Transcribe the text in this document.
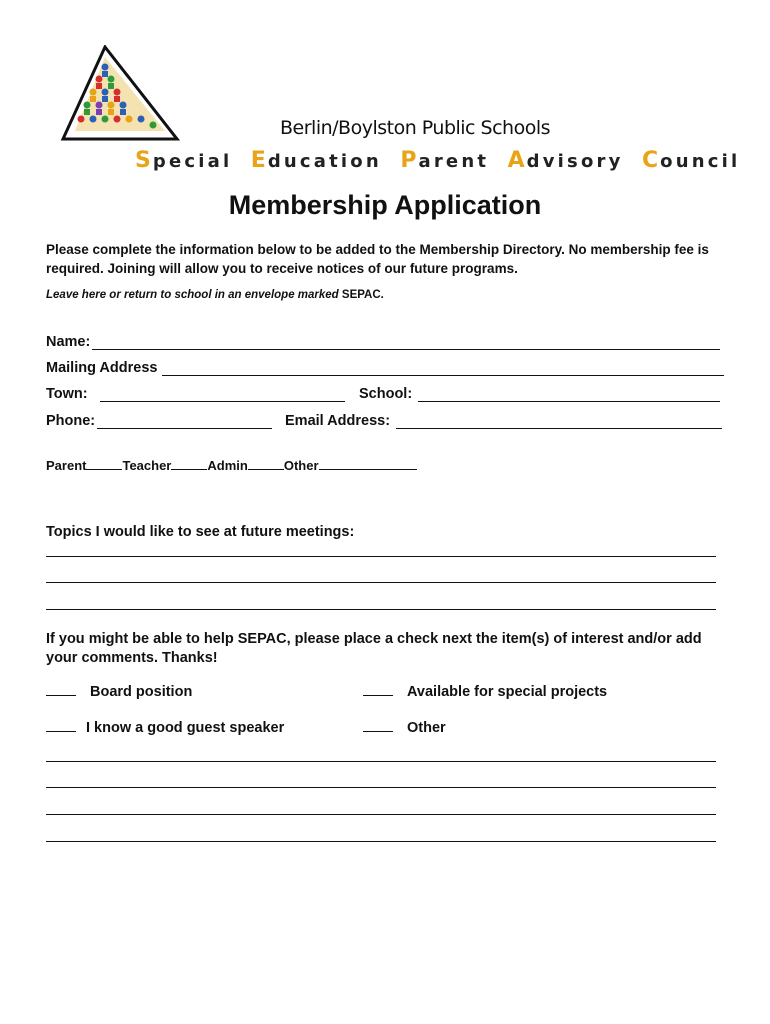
Berlin/Boylston Public Schools
Special Education Parent Advisory Council
Membership Application
Please complete the information below to be added to the Membership Directory. No membership fee is required. Joining will allow you to receive notices of our future programs.
Leave here or return to school in an envelope marked SEPAC.
Name:
Mailing Address
Town:	School:
Phone:	Email Address:
Parent	Teacher	Admin	Other
Topics I would like to see at future meetings:
If you might be able to help SEPAC, please place a check next the item(s) of interest and/or add your comments. Thanks!
Board position	Available for special projects
I know a good guest speaker	Other
